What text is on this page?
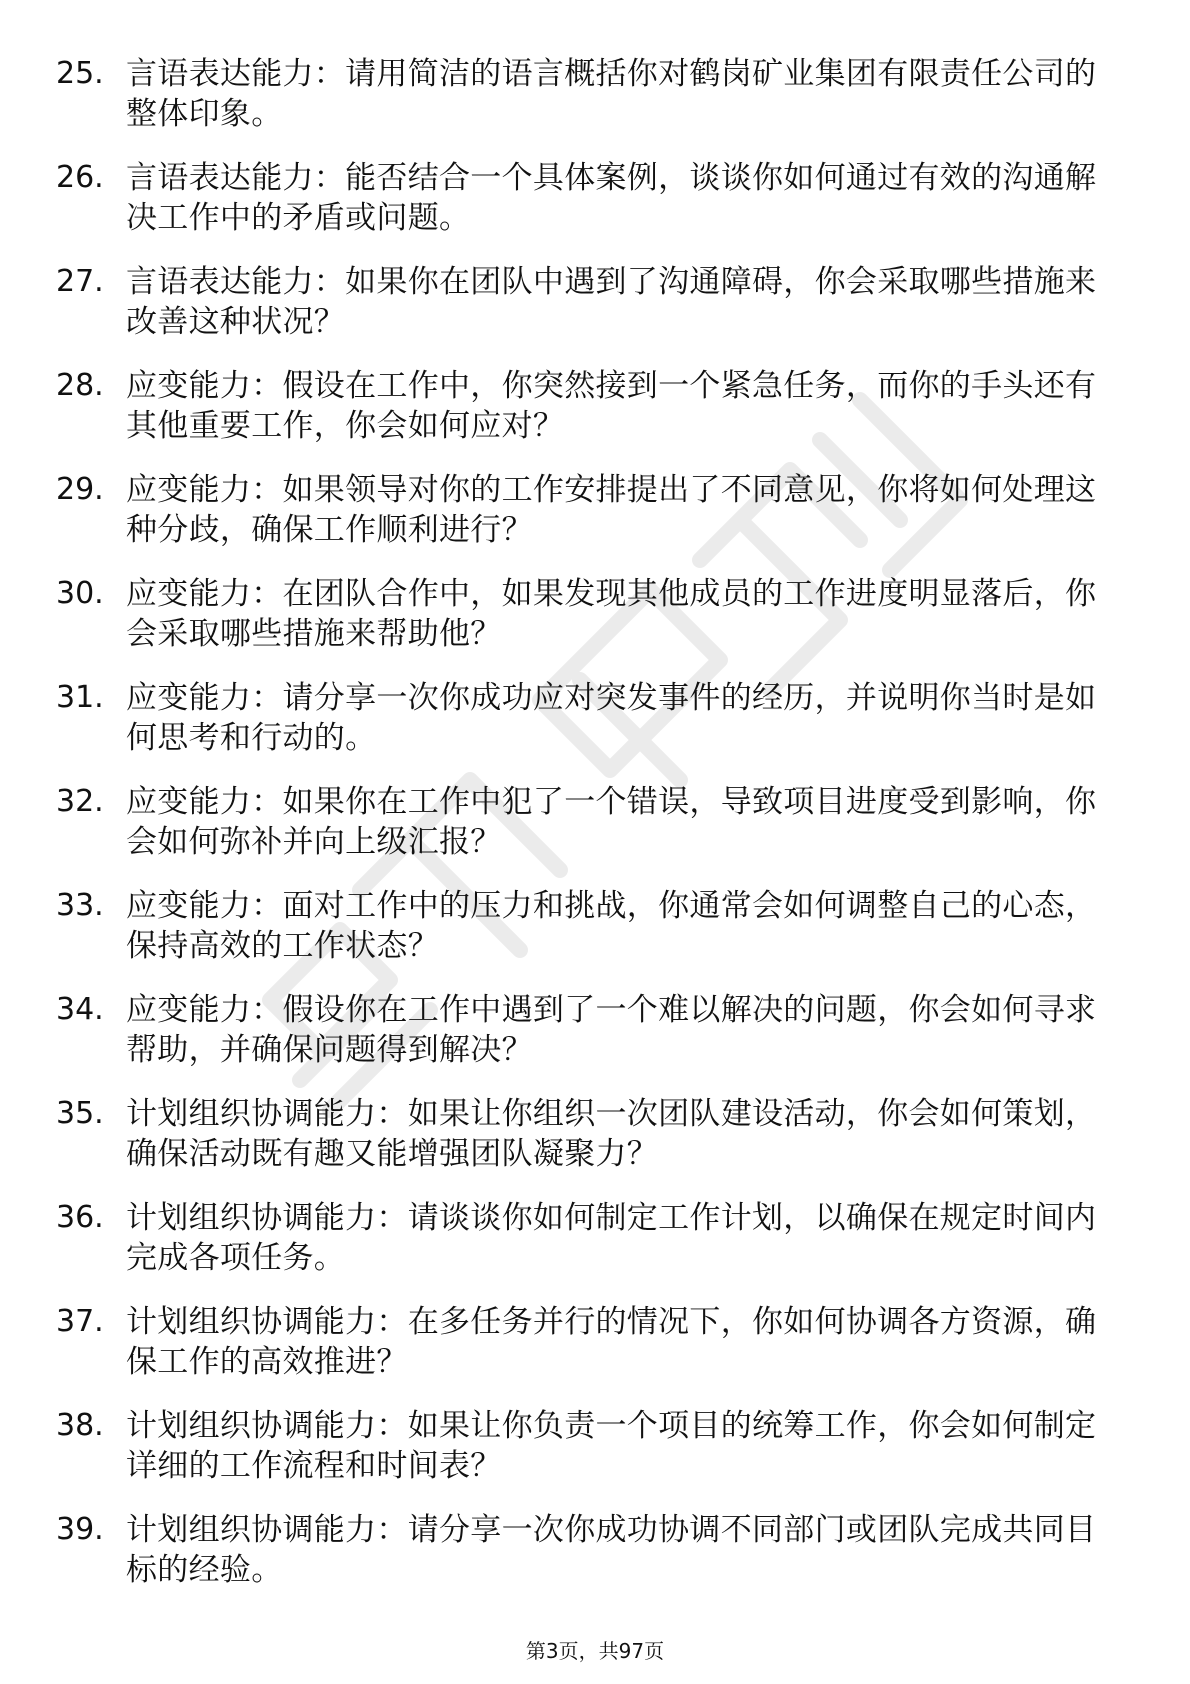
25. 言语表达能力：请用简洁的语言概括你对鹤岗矿业集团有限责任公司的整体印象。
26. 言语表达能力：能否结合一个具体案例，谈谈你如何通过有效的沟通解决工作中的矛盾或问题。
27. 言语表达能力：如果你在团队中遇到了沟通障碍，你会采取哪些措施来改善这种状况？
28. 应变能力：假设在工作中，你突然接到一个紧急任务，而你的手头还有其他重要工作，你会如何应对？
29. 应变能力：如果领导对你的工作安排提出了不同意见，你将如何处理这种分歧，确保工作顺利进行？
30. 应变能力：在团队合作中，如果发现其他成员的工作进度明显落后，你会采取哪些措施来帮助他？
31. 应变能力：请分享一次你成功应对突发事件的经历，并说明你当时是如何思考和行动的。
32. 应变能力：如果你在工作中犯了一个错误，导致项目进度受到影响，你会如何弥补并向上级汇报？
33. 应变能力：面对工作中的压力和挑战，你通常会如何调整自己的心态，保持高效的工作状态？
34. 应变能力：假设你在工作中遇到了一个难以解决的问题，你会如何寻求帮助，并确保问题得到解决？
35. 计划组织协调能力：如果让你组织一次团队建设活动，你会如何策划，确保活动既有趣又能增强团队凝聚力？
36. 计划组织协调能力：请谈谈你如何制定工作计划，以确保在规定时间内完成各项任务。
37. 计划组织协调能力：在多任务并行的情况下，你如何协调各方资源，确保工作的高效推进？
38. 计划组织协调能力：如果让你负责一个项目的统筹工作，你会如何制定详细的工作流程和时间表？
39. 计划组织协调能力：请分享一次你成功协调不同部门或团队完成共同目标的经验。
第3页，共97页
